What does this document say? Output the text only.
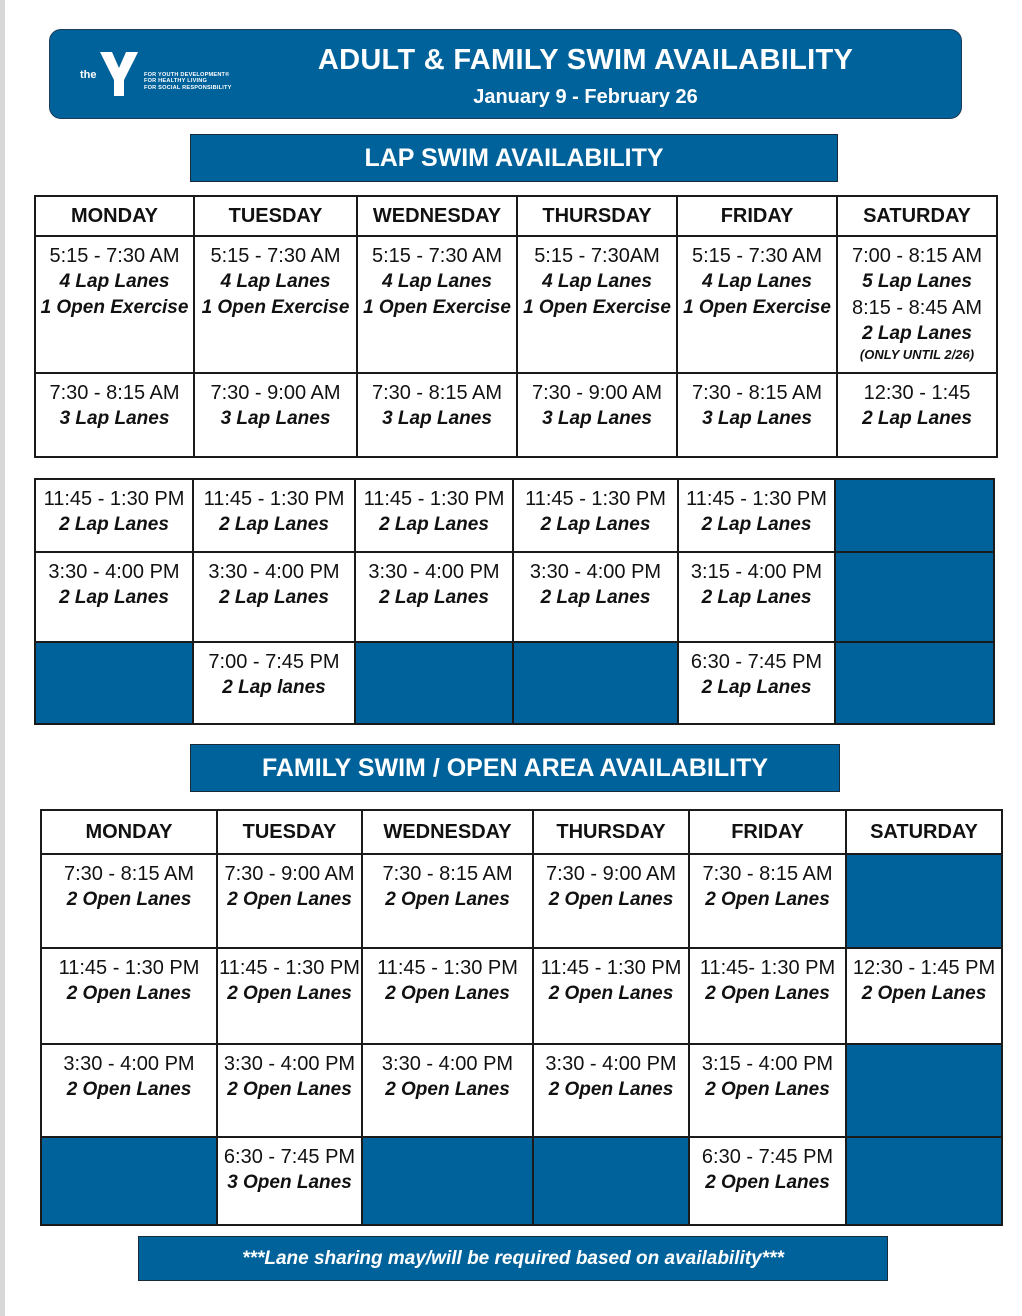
the	FOR YOUTH DEVELOPMENT®
FOR HEALTHY LIVING
FOR SOCIAL RESPONSIBILITY
ADULT & FAMILY SWIM AVAILABILITY
January 9 - February 26
LAP SWIM AVAILABILITY
MONDAY	TUESDAY	WEDNESDAY	THURSDAY	FRIDAY	SATURDAY

5:15 - 7:30 AM
4 Lap Lanes
1 Open Exercise	5:15 - 7:30 AM
4 Lap Lanes
1 Open Exercise	5:15 - 7:30 AM
4 Lap Lanes
1 Open Exercise	5:15 - 7:30AM
4 Lap Lanes
1 Open Exercise	5:15 - 7:30 AM
4 Lap Lanes
1 Open Exercise	7:00 - 8:15 AM
5 Lap Lanes
8:15 - 8:45 AM
2 Lap Lanes
(ONLY UNTIL 2/26)

7:30 - 8:15 AM
3 Lap Lanes	7:30 - 9:00 AM
3 Lap Lanes	7:30 - 8:15 AM
3 Lap Lanes	7:30 - 9:00 AM
3 Lap Lanes	7:30 - 8:15 AM
3 Lap Lanes	12:30 - 1:45
2 Lap Lanes
11:45 - 1:30 PM
2 Lap Lanes	11:45 - 1:30 PM
2 Lap Lanes	11:45 - 1:30 PM
2 Lap Lanes	11:45 - 1:30 PM
2 Lap Lanes	11:45 - 1:30 PM
2 Lap Lanes	

3:30 - 4:00 PM
2 Lap Lanes	3:30 - 4:00 PM
2 Lap Lanes	3:30 - 4:00 PM
2 Lap Lanes	3:30 - 4:00 PM
2 Lap Lanes	3:15 - 4:00 PM
2 Lap Lanes	

	7:00 - 7:45 PM
2 Lap lanes			6:30 - 7:45 PM
2 Lap Lanes	

FAMILY SWIM / OPEN AREA AVAILABILITY
MONDAY	TUESDAY	WEDNESDAY	THURSDAY	FRIDAY	SATURDAY

7:30 - 8:15 AM
2 Open Lanes	7:30 - 9:00 AM
2 Open Lanes	7:30 - 8:15 AM
2 Open Lanes	7:30 - 9:00 AM
2 Open Lanes	7:30 - 8:15 AM
2 Open Lanes	

11:45 - 1:30 PM
2 Open Lanes	11:45 - 1:30 PM
2 Open Lanes	11:45 - 1:30 PM
2 Open Lanes	11:45 - 1:30 PM
2 Open Lanes	11:45- 1:30 PM
2 Open Lanes	12:30 - 1:45 PM
2 Open Lanes

3:30 - 4:00 PM
2 Open Lanes	3:30 - 4:00 PM
2 Open Lanes	3:30 - 4:00 PM
2 Open Lanes	3:30 - 4:00 PM
2 Open Lanes	3:15 - 4:00 PM
2 Open Lanes	

	6:30 - 7:45 PM
3 Open Lanes			6:30 - 7:45 PM
2 Open Lanes	

***Lane sharing may/will be required based on availability***
